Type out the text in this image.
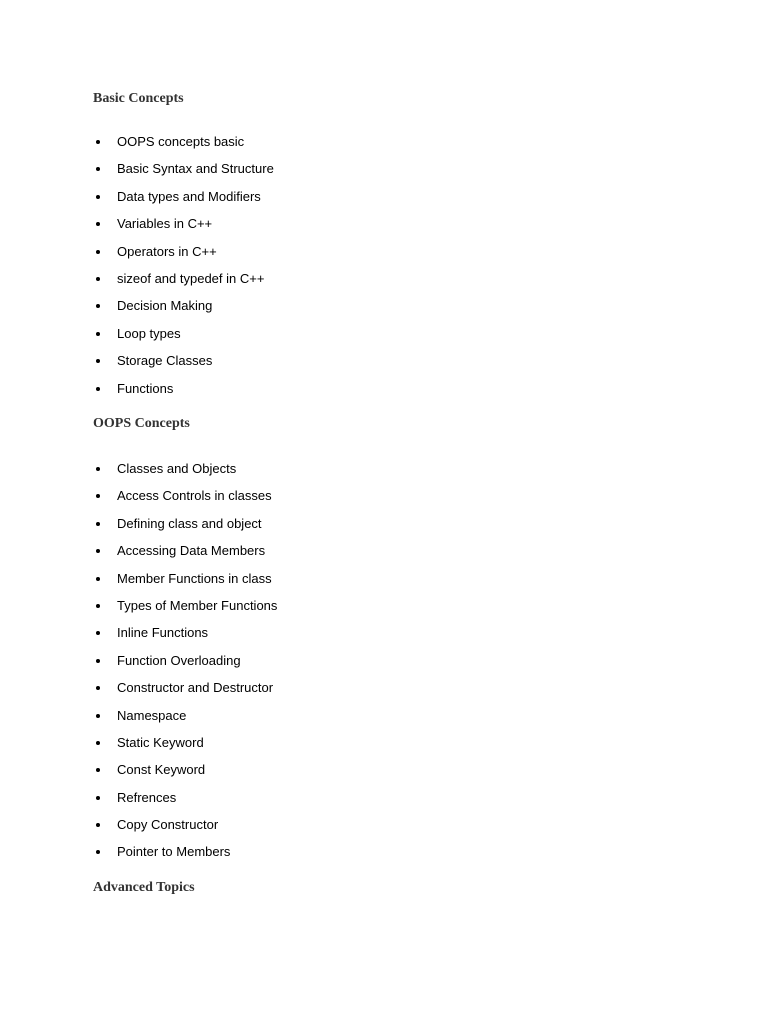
Basic Concepts
OOPS concepts basic
Basic Syntax and Structure
Data types and Modifiers
Variables in C++
Operators in C++
sizeof and typedef in C++
Decision Making
Loop types
Storage Classes
Functions
OOPS Concepts
Classes and Objects
Access Controls in classes
Defining class and object
Accessing Data Members
Member Functions in class
Types of Member Functions
Inline Functions
Function Overloading
Constructor and Destructor
Namespace
Static Keyword
Const Keyword
Refrences
Copy Constructor
Pointer to Members
Advanced Topics
